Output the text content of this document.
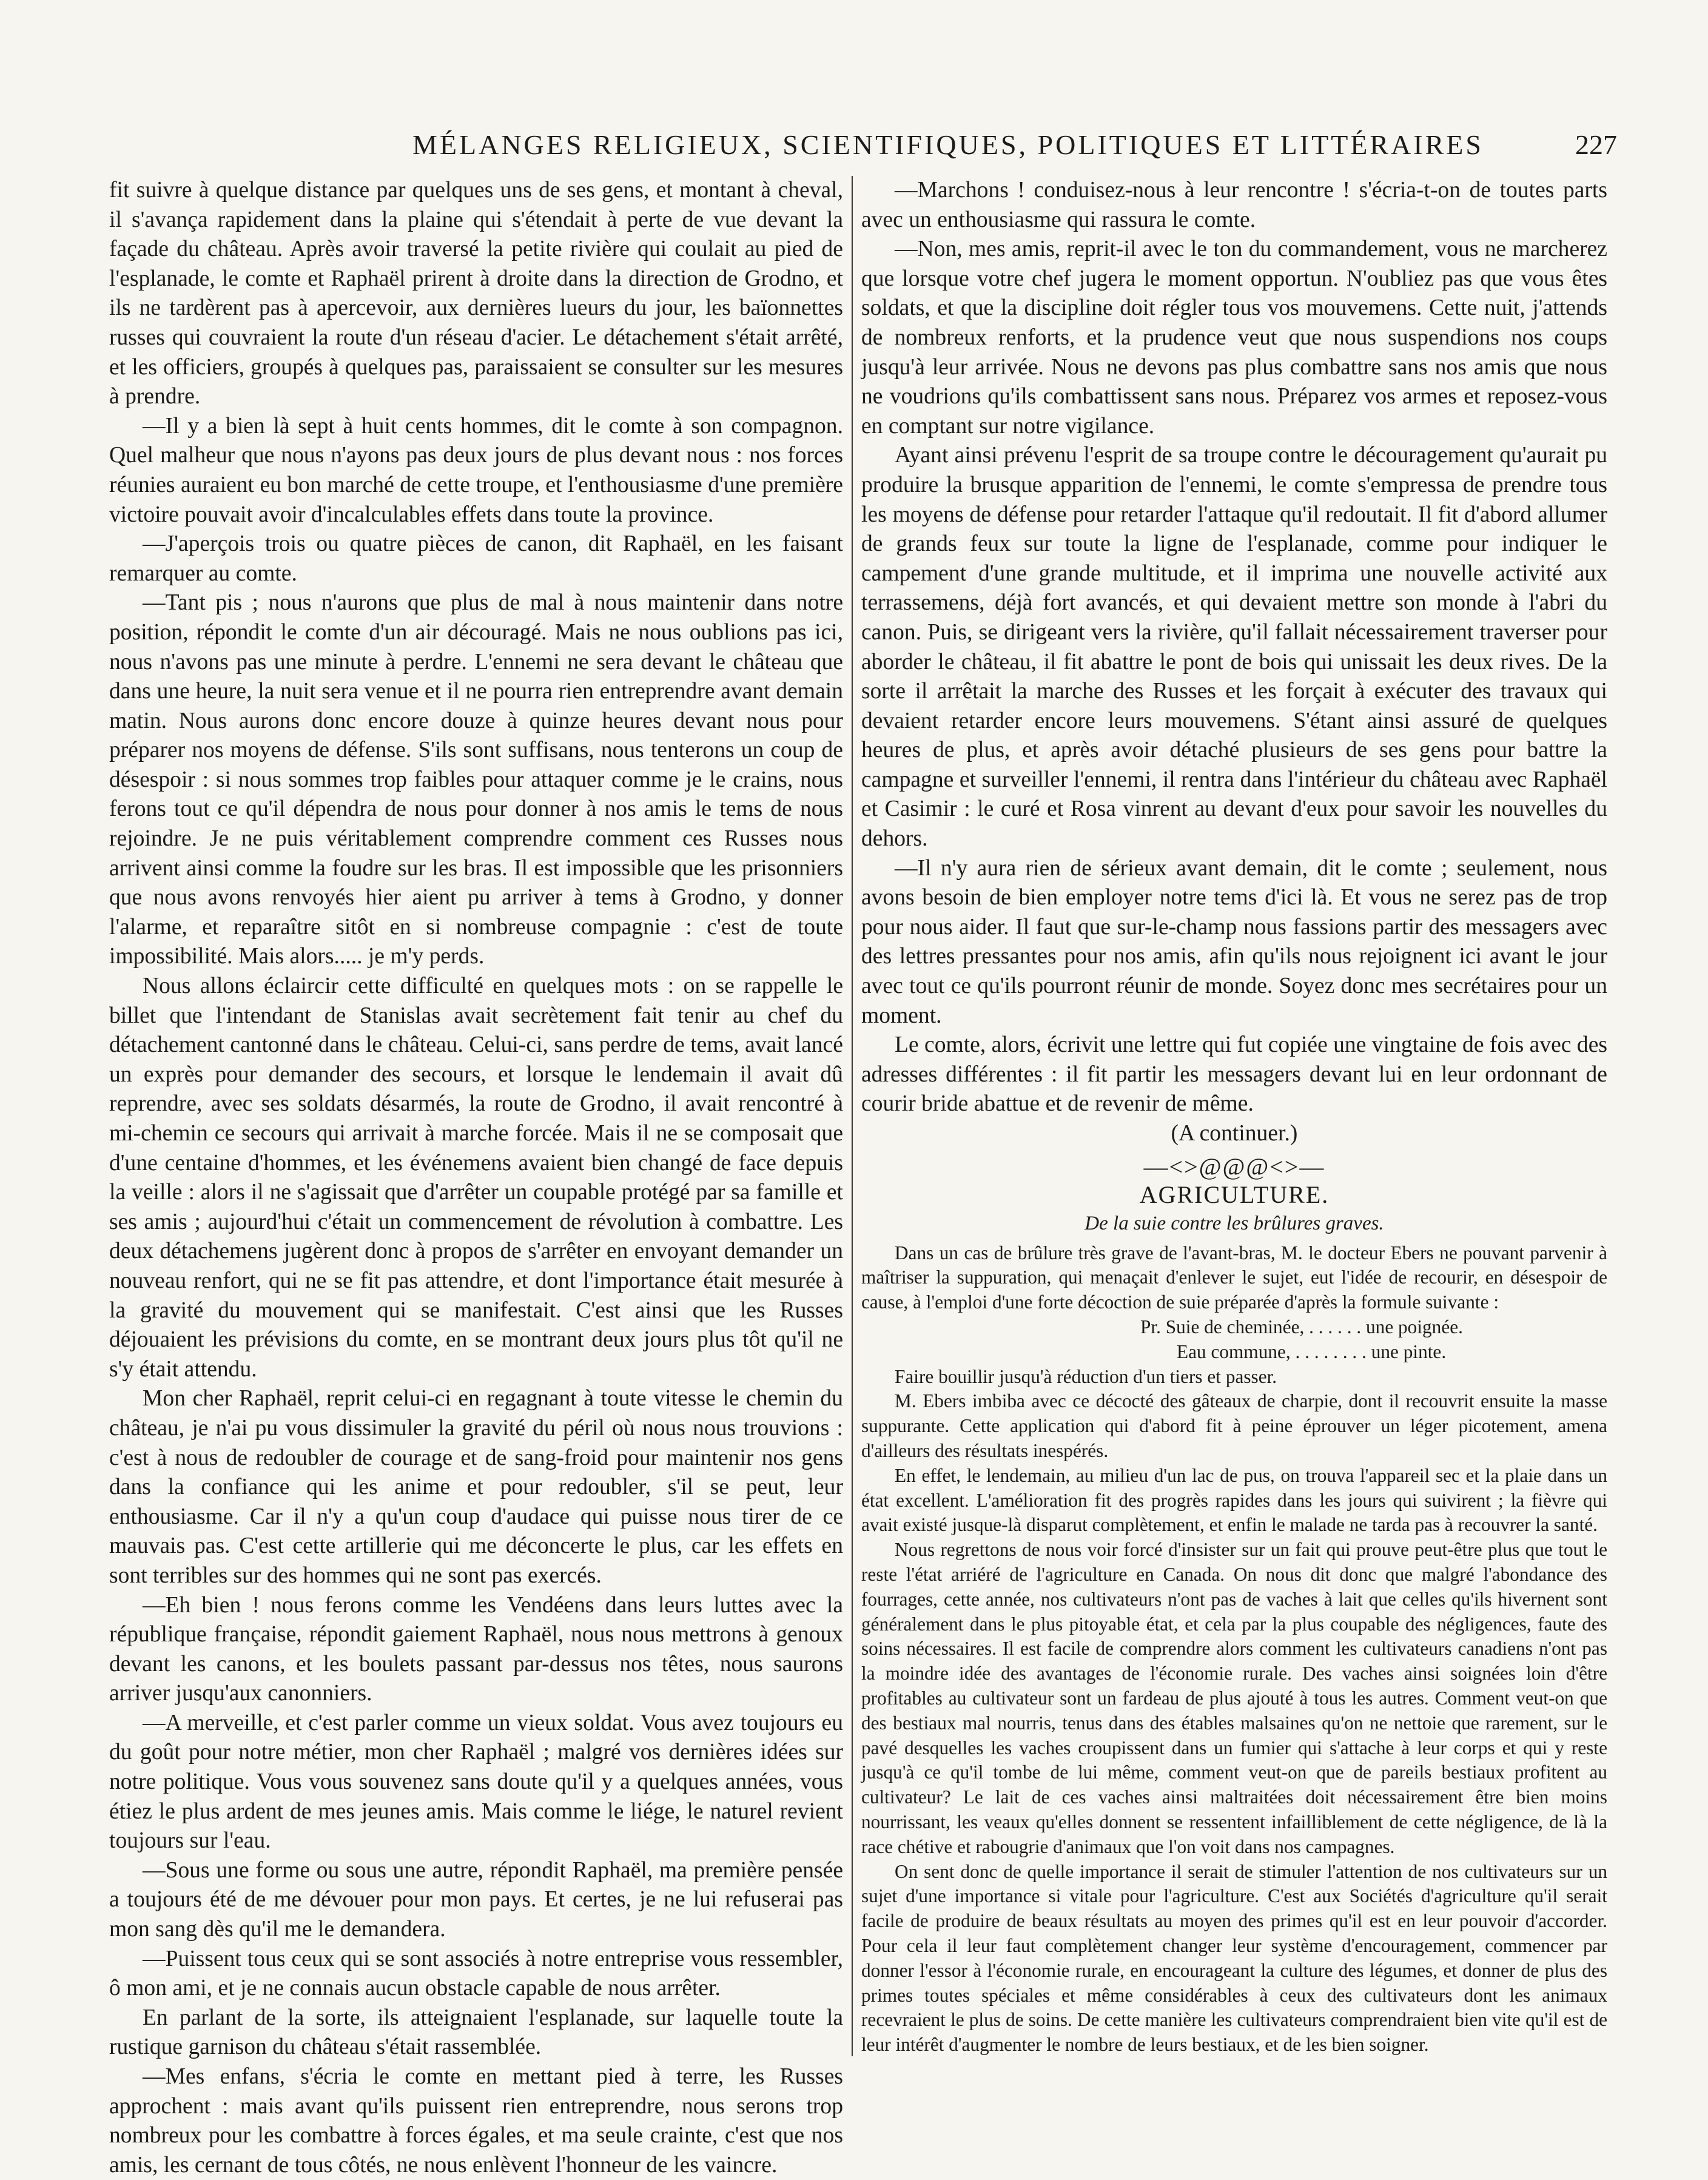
MÉLANGES RELIGIEUX, SCIENTIFIQUES, POLITIQUES ET LITTÉRAIRES	227

fit suivre à quelque distance par quelques uns de ses gens, et montant à cheval, il s'avança rapidement dans la plaine qui s'étendait à perte de vue devant la façade du château. Après avoir traversé la petite rivière qui coulait au pied de l'esplanade, le comte et Raphaël prirent à droite dans la direction de Grodno, et ils ne tardèrent pas à apercevoir, aux dernières lueurs du jour, les baïonnettes russes qui couvraient la route d'un réseau d'acier. Le détachement s'était arrêté, et les officiers, groupés à quelques pas, paraissaient se consulter sur les mesures à prendre.

—Il y a bien là sept à huit cents hommes, dit le comte à son compagnon. Quel malheur que nous n'ayons pas deux jours de plus devant nous : nos forces réunies auraient eu bon marché de cette troupe, et l'enthousiasme d'une première victoire pouvait avoir d'incalculables effets dans toute la province.

—J'aperçois trois ou quatre pièces de canon, dit Raphaël, en les faisant remarquer au comte.

—Tant pis ; nous n'aurons que plus de mal à nous maintenir dans notre position, répondit le comte d'un air découragé. Mais ne nous oublions pas ici, nous n'avons pas une minute à perdre. L'ennemi ne sera devant le château que dans une heure, la nuit sera venue et il ne pourra rien entreprendre avant demain matin. Nous aurons donc encore douze à quinze heures devant nous pour préparer nos moyens de défense. S'ils sont suffisans, nous tenterons un coup de désespoir : si nous sommes trop faibles pour attaquer comme je le crains, nous ferons tout ce qu'il dépendra de nous pour donner à nos amis le tems de nous rejoindre. Je ne puis véritablement comprendre comment ces Russes nous arrivent ainsi comme la foudre sur les bras. Il est impossible que les prisonniers que nous avons renvoyés hier aient pu arriver à tems à Grodno, y donner l'alarme, et reparaître sitôt en si nombreuse compagnie : c'est de toute impossibilité. Mais alors..... je m'y perds.

Nous allons éclaircir cette difficulté en quelques mots : on se rappelle le billet que l'intendant de Stanislas avait secrètement fait tenir au chef du détachement cantonné dans le château. Celui-ci, sans perdre de tems, avait lancé un exprès pour demander des secours, et lorsque le lendemain il avait dû reprendre, avec ses soldats désarmés, la route de Grodno, il avait rencontré à mi-chemin ce secours qui arrivait à marche forcée. Mais il ne se composait que d'une centaine d'hommes, et les événemens avaient bien changé de face depuis la veille : alors il ne s'agissait que d'arrêter un coupable protégé par sa famille et ses amis ; aujourd'hui c'était un commencement de révolution à combattre. Les deux détachemens jugèrent donc à propos de s'arrêter en envoyant demander un nouveau renfort, qui ne se fit pas attendre, et dont l'importance était mesurée à la gravité du mouvement qui se manifestait. C'est ainsi que les Russes déjouaient les prévisions du comte, en se montrant deux jours plus tôt qu'il ne s'y était attendu.

Mon cher Raphaël, reprit celui-ci en regagnant à toute vitesse le chemin du château, je n'ai pu vous dissimuler la gravité du péril où nous nous trouvions : c'est à nous de redoubler de courage et de sang-froid pour maintenir nos gens dans la confiance qui les anime et pour redoubler, s'il se peut, leur enthousiasme. Car il n'y a qu'un coup d'audace qui puisse nous tirer de ce mauvais pas. C'est cette artillerie qui me déconcerte le plus, car les effets en sont terribles sur des hommes qui ne sont pas exercés.

—Eh bien ! nous ferons comme les Vendéens dans leurs luttes avec la république française, répondit gaiement Raphaël, nous nous mettrons à genoux devant les canons, et les boulets passant par-dessus nos têtes, nous saurons arriver jusqu'aux canonniers.

—A merveille, et c'est parler comme un vieux soldat. Vous avez toujours eu du goût pour notre métier, mon cher Raphaël ; malgré vos dernières idées sur notre politique. Vous vous souvenez sans doute qu'il y a quelques années, vous étiez le plus ardent de mes jeunes amis. Mais comme le liége, le naturel revient toujours sur l'eau.

—Sous une forme ou sous une autre, répondit Raphaël, ma première pensée a toujours été de me dévouer pour mon pays. Et certes, je ne lui refuserai pas mon sang dès qu'il me le demandera.

—Puissent tous ceux qui se sont associés à notre entreprise vous ressembler, ô mon ami, et je ne connais aucun obstacle capable de nous arrêter.

En parlant de la sorte, ils atteignaient l'esplanade, sur laquelle toute la rustique garnison du château s'était rassemblée.

—Mes enfans, s'écria le comte en mettant pied à terre, les Russes approchent : mais avant qu'ils puissent rien entreprendre, nous serons trop nombreux pour les combattre à forces égales, et ma seule crainte, c'est que nos amis, les cernant de tous côtés, ne nous enlèvent l'honneur de les vaincre.

—Marchons ! conduisez-nous à leur rencontre ! s'écria-t-on de toutes parts avec un enthousiasme qui rassura le comte.

—Non, mes amis, reprit-il avec le ton du commandement, vous ne marcherez que lorsque votre chef jugera le moment opportun. N'oubliez pas que vous êtes soldats, et que la discipline doit régler tous vos mouvemens. Cette nuit, j'attends de nombreux renforts, et la prudence veut que nous suspendions nos coups jusqu'à leur arrivée. Nous ne devons pas plus combattre sans nos amis que nous ne voudrions qu'ils combattissent sans nous. Préparez vos armes et reposez-vous en comptant sur notre vigilance.

Ayant ainsi prévenu l'esprit de sa troupe contre le découragement qu'aurait pu produire la brusque apparition de l'ennemi, le comte s'empressa de prendre tous les moyens de défense pour retarder l'attaque qu'il redoutait. Il fit d'abord allumer de grands feux sur toute la ligne de l'esplanade, comme pour indiquer le campement d'une grande multitude, et il imprima une nouvelle activité aux terrassemens, déjà fort avancés, et qui devaient mettre son monde à l'abri du canon. Puis, se dirigeant vers la rivière, qu'il fallait nécessairement traverser pour aborder le château, il fit abattre le pont de bois qui unissait les deux rives. De la sorte il arrêtait la marche des Russes et les forçait à exécuter des travaux qui devaient retarder encore leurs mouvemens. S'étant ainsi assuré de quelques heures de plus, et après avoir détaché plusieurs de ses gens pour battre la campagne et surveiller l'ennemi, il rentra dans l'intérieur du château avec Raphaël et Casimir : le curé et Rosa vinrent au devant d'eux pour savoir les nouvelles du dehors.

—Il n'y aura rien de sérieux avant demain, dit le comte ; seulement, nous avons besoin de bien employer notre tems d'ici là. Et vous ne serez pas de trop pour nous aider. Il faut que sur-le-champ nous fassions partir des messagers avec des lettres pressantes pour nos amis, afin qu'ils nous rejoignent ici avant le jour avec tout ce qu'ils pourront réunir de monde. Soyez donc mes secrétaires pour un moment.

Le comte, alors, écrivit une lettre qui fut copiée une vingtaine de fois avec des adresses différentes : il fit partir les messagers devant lui en leur ordonnant de courir bride abattue et de revenir de même.

(A continuer.)

—<>@@@<>—

AGRICULTURE.

De la suie contre les brûlures graves.

Dans un cas de brûlure très grave de l'avant-bras, M. le docteur Ebers ne pouvant parvenir à maîtriser la suppuration, qui menaçait d'enlever le sujet, eut l'idée de recourir, en désespoir de cause, à l'emploi d'une forte décoction de suie préparée d'après la formule suivante :

Pr. Suie de cheminée, . . . . . . une poignée.

Eau commune, . . . . . . . . une pinte.

Faire bouillir jusqu'à réduction d'un tiers et passer.

M. Ebers imbiba avec ce décocté des gâteaux de charpie, dont il recouvrit ensuite la masse suppurante. Cette application qui d'abord fit à peine éprouver un léger picotement, amena d'ailleurs des résultats inespérés.

En effet, le lendemain, au milieu d'un lac de pus, on trouva l'appareil sec et la plaie dans un état excellent. L'amélioration fit des progrès rapides dans les jours qui suivirent ; la fièvre qui avait existé jusque-là disparut complètement, et enfin le malade ne tarda pas à recouvrer la santé.

Nous regrettons de nous voir forcé d'insister sur un fait qui prouve peut-être plus que tout le reste l'état arriéré de l'agriculture en Canada. On nous dit donc que malgré l'abondance des fourrages, cette année, nos cultivateurs n'ont pas de vaches à lait que celles qu'ils hivernent sont généralement dans le plus pitoyable état, et cela par la plus coupable des négligences, faute des soins nécessaires. Il est facile de comprendre alors comment les cultivateurs canadiens n'ont pas la moindre idée des avantages de l'économie rurale. Des vaches ainsi soignées loin d'être profitables au cultivateur sont un fardeau de plus ajouté à tous les autres. Comment veut-on que des bestiaux mal nourris, tenus dans des étables malsaines qu'on ne nettoie que rarement, sur le pavé desquelles les vaches croupissent dans un fumier qui s'attache à leur corps et qui y reste jusqu'à ce qu'il tombe de lui même, comment veut-on que de pareils bestiaux profitent au cultivateur? Le lait de ces vaches ainsi maltraitées doit nécessairement être bien moins nourrissant, les veaux qu'elles donnent se ressentent infailliblement de cette négligence, de là la race chétive et rabougrie d'animaux que l'on voit dans nos campagnes.

On sent donc de quelle importance il serait de stimuler l'attention de nos cultivateurs sur un sujet d'une importance si vitale pour l'agriculture. C'est aux Sociétés d'agriculture qu'il serait facile de produire de beaux résultats au moyen des primes qu'il est en leur pouvoir d'accorder. Pour cela il leur faut complètement changer leur système d'encouragement, commencer par donner l'essor à l'économie rurale, en encourageant la culture des légumes, et donner de plus des primes toutes spéciales et même considérables à ceux des cultivateurs dont les animaux recevraient le plus de soins. De cette manière les cultivateurs comprendraient bien vite qu'il est de leur intérêt d'augmenter le nombre de leurs bestiaux, et de les bien soigner.
